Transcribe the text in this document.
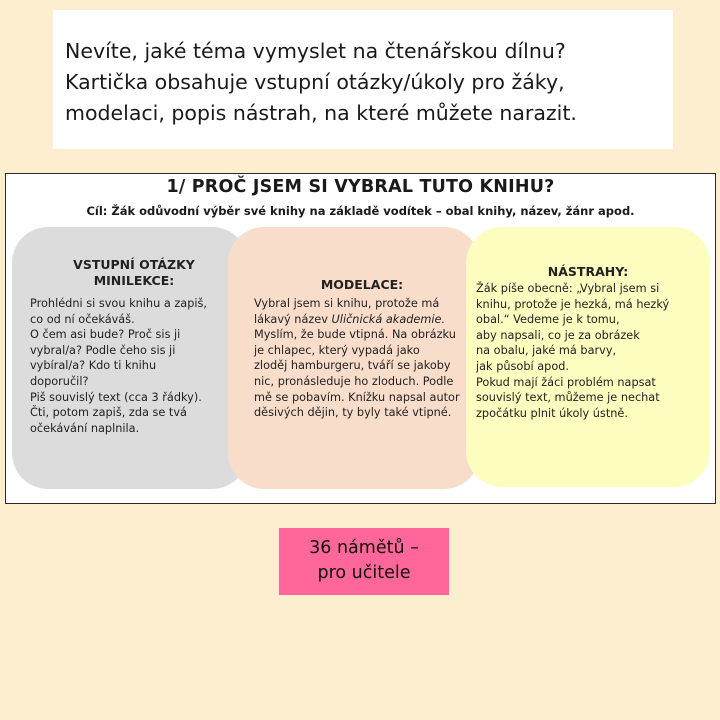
Nevíte, jaké téma vymyslet na čtenářskou dílnu?
Kartička obsahuje vstupní otázky/úkoly pro žáky,
modelaci, popis nástrah, na které můžete narazit.

1/ PROČ JSEM SI VYBRAL TUTO KNIHU?
Cíl: Žák odůvodní výběr své knihy na základě vodítek – obal knihy, název, žánr apod.
VSTUPNÍ OTÁZKY
MINILEKCE:

Prohlédni si svou knihu a zapiš,
co od ní očekáváš.
O čem asi bude? Proč sis ji
vybral/a? Podle čeho sis ji
vybíral/a? Kdo ti knihu
doporučil?
Piš souvislý text (cca 3 řádky).
Čti, potom zapiš, zda se tvá
očekávání naplnila.

MODELACE:

Vybral jsem si knihu, protože má
lákavý název Uličnická akademie.
Myslím, že bude vtipná. Na obrázku
je chlapec, který vypadá jako
zloděj hamburgeru, tváří se jakoby
nic, pronásleduje ho zloduch. Podle
mě se pobavím. Knížku napsal autor
děsivých dějin, ty byly také vtipné.

NÁSTRAHY:

Žák píše obecně: „Vybral jsem si
knihu, protože je hezká, má hezký
obal.“ Vedeme je k tomu,
aby napsali, co je za obrázek
na obalu, jaké má barvy,
jak působí apod.
Pokud mají žáci problém napsat
souvislý text, můžeme je nechat
zpočátku plnit úkoly ústně.

36 námětů –
pro učitele
